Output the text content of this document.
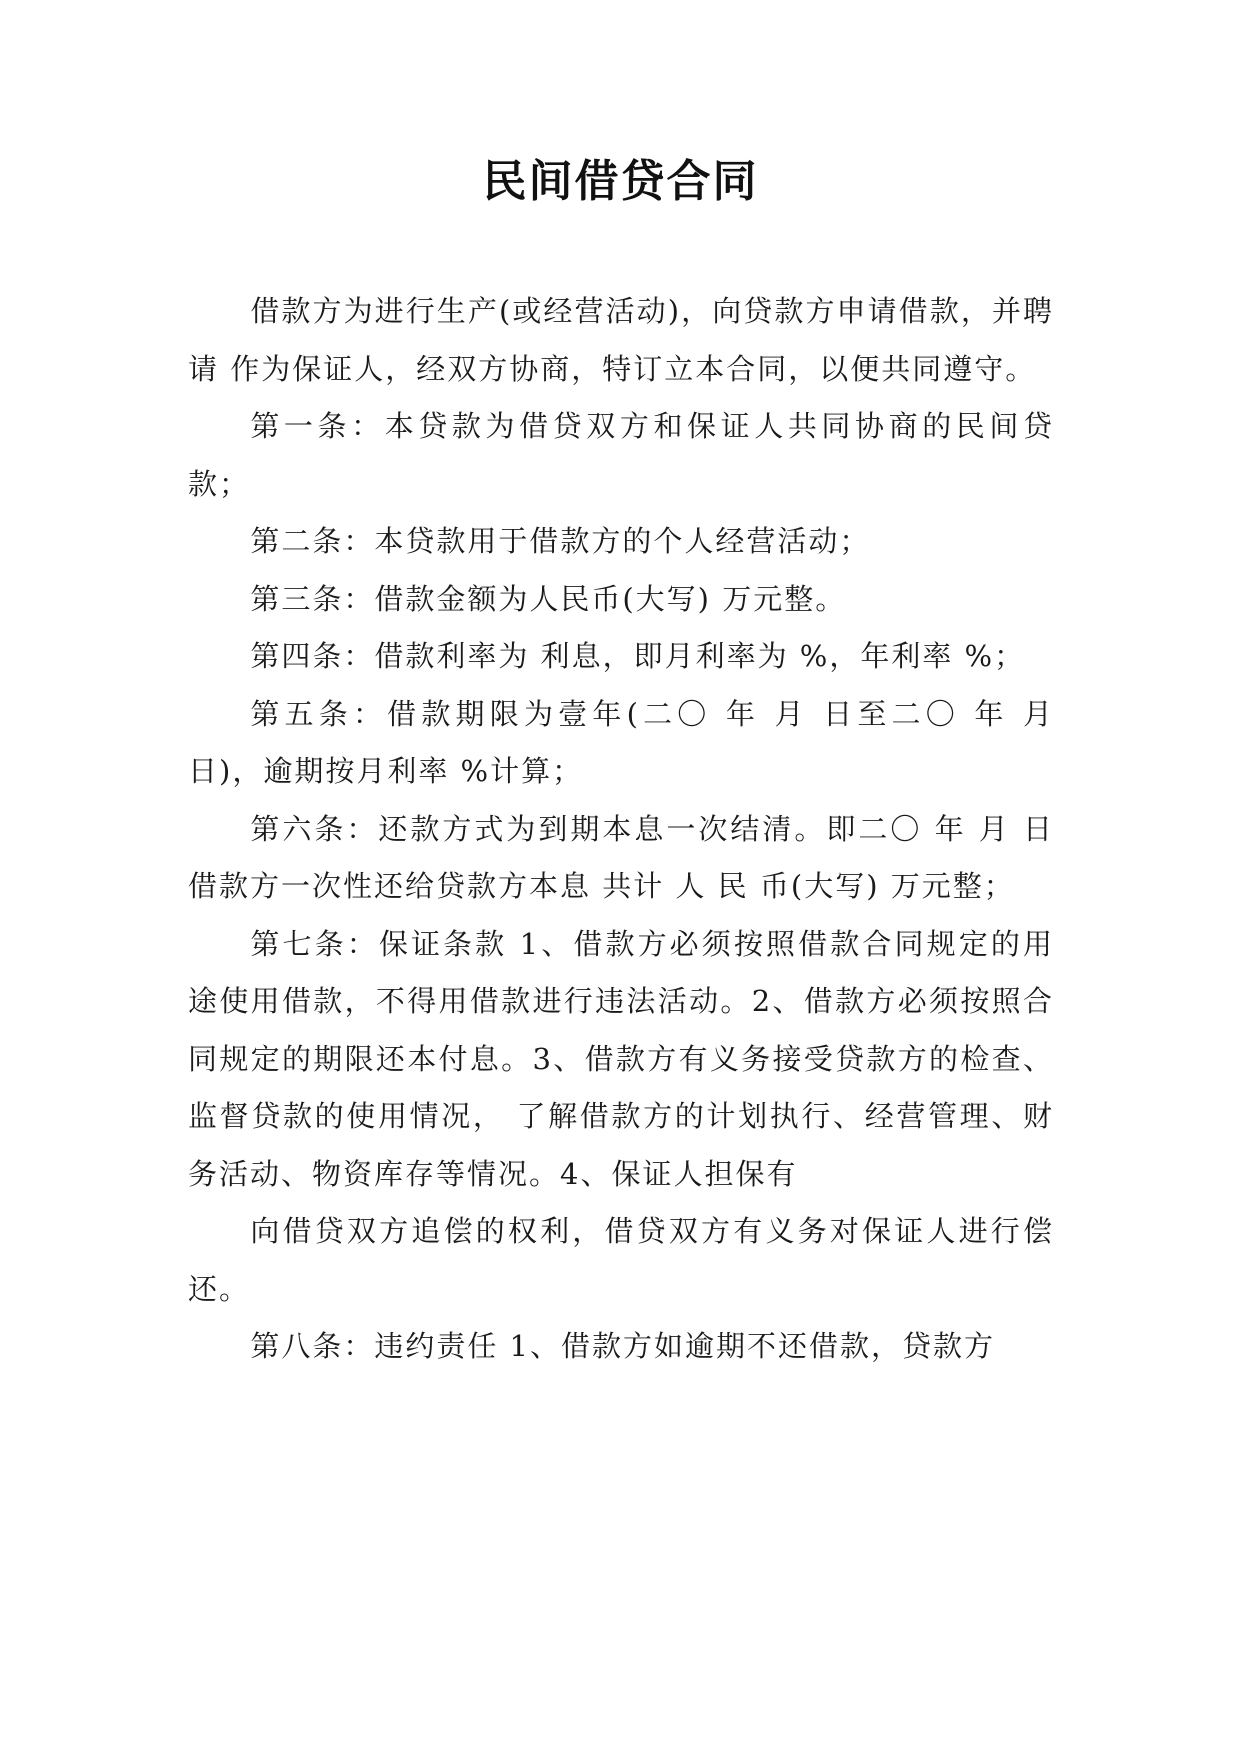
民间借贷合同

借款方为进行生产(或经营活动)，向贷款方申请借款，并聘请 作为保证人，经双方协商，特订立本合同，以便共同遵守。

第一条：本贷款为借贷双方和保证人共同协商的民间贷款；

第二条：本贷款用于借款方的个人经营活动；

第三条：借款金额为人民币(大写) 万元整。

第四条：借款利率为 利息，即月利率为 %，年利率 %；

第五条：借款期限为壹年(二〇 年 月 日至二〇 年 月 日)，逾期按月利率 %计算；

第六条：还款方式为到期本息一次结清。即二〇 年 月 日借款方一次性还给贷款方本息 共计 人 民 币(大写) 万元整；

第七条：保证条款 1、借款方必须按照借款合同规定的用途使用借款，不得用借款进行违法活动。2、借款方必须按照合同规定的期限还本付息。3、借款方有义务接受贷款方的检查、 监督贷款的使用情况， 了解借款方的计划执行、经营管理、财务活动、物资库存等情况。4、保证人担保有

向借贷双方追偿的权利，借贷双方有义务对保证人进行偿还。

第八条：违约责任 1、借款方如逾期不还借款，贷款方
